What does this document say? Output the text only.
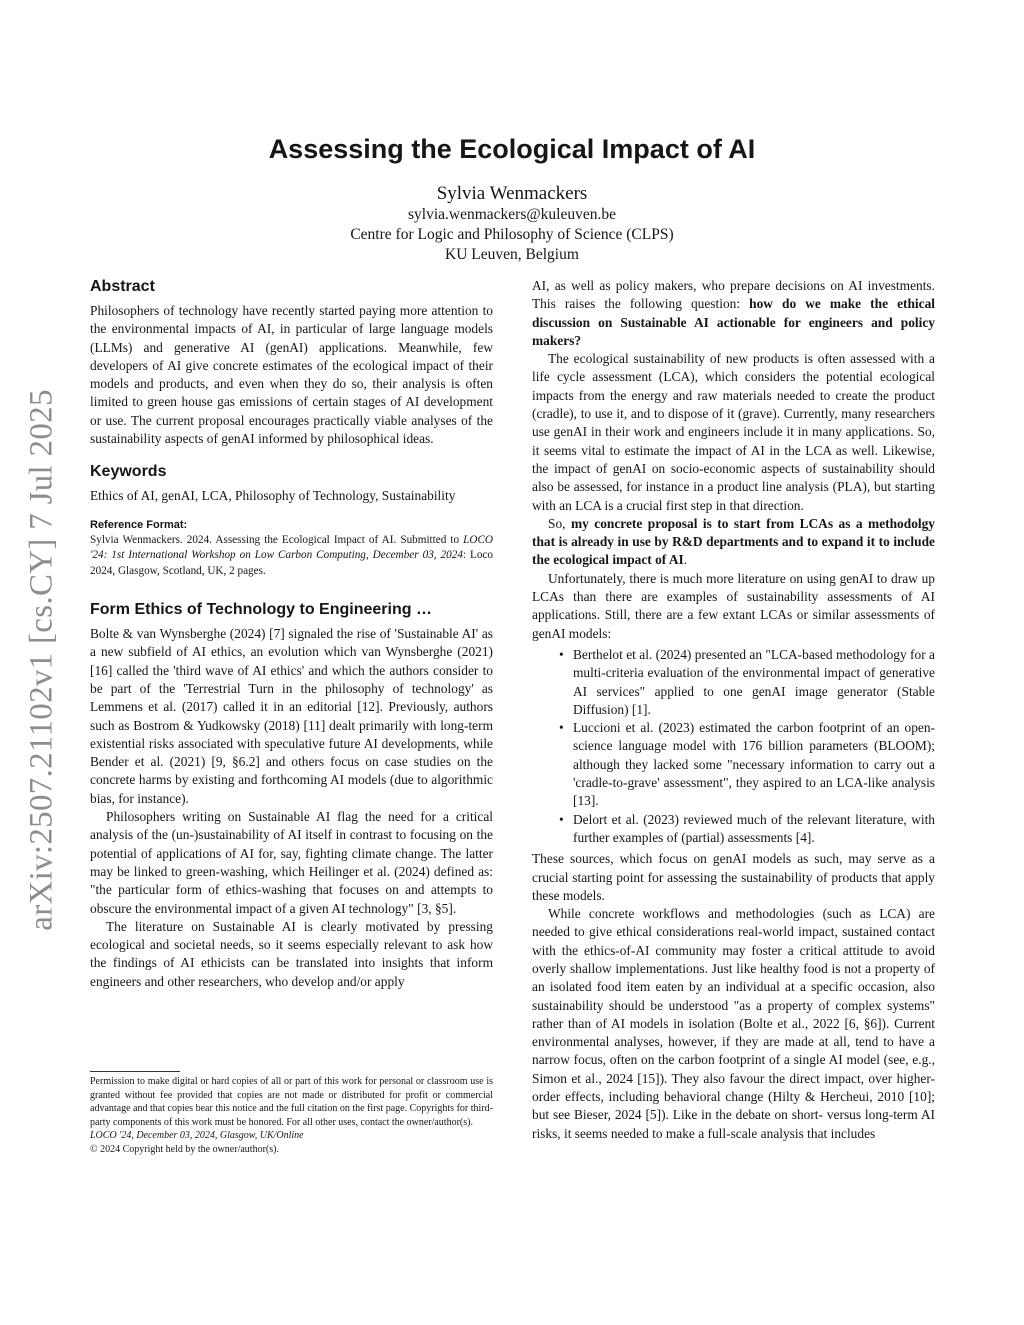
arXiv:2507.21102v1 [cs.CY] 7 Jul 2025
Assessing the Ecological Impact of AI
Sylvia Wenmackers
sylvia.wenmackers@kuleuven.be
Centre for Logic and Philosophy of Science (CLPS)
KU Leuven, Belgium
Abstract

Philosophers of technology have recently started paying more attention to the environmental impacts of AI, in particular of large language models (LLMs) and generative AI (genAI) applications. Meanwhile, few developers of AI give concrete estimates of the ecological impact of their models and products, and even when they do so, their analysis is often limited to green house gas emissions of certain stages of AI development or use. The current proposal encourages practically viable analyses of the sustainability aspects of genAI informed by philosophical ideas.

Keywords

Ethics of AI, genAI, LCA, Philosophy of Technology, Sustainability

Reference Format:

Sylvia Wenmackers. 2024. Assessing the Ecological Impact of AI. Submitted to LOCO '24: 1st International Workshop on Low Carbon Computing, December 03, 2024: Loco 2024, Glasgow, Scotland, UK, 2 pages.

Form Ethics of Technology to Engineering …

Bolte & van Wynsberghe (2024) [7] signaled the rise of 'Sustainable AI' as a new subfield of AI ethics, an evolution which van Wynsberghe (2021) [16] called the 'third wave of AI ethics' and which the authors consider to be part of the 'Terrestrial Turn in the philosophy of technology' as Lemmens et al. (2017) called it in an editorial [12]. Previously, authors such as Bostrom & Yudkowsky (2018) [11] dealt primarily with long-term existential risks associated with speculative future AI developments, while Bender et al. (2021) [9, §6.2] and others focus on case studies on the concrete harms by existing and forthcoming AI models (due to algorithmic bias, for instance).

Philosophers writing on Sustainable AI flag the need for a critical analysis of the (un-)sustainability of AI itself in contrast to focusing on the potential of applications of AI for, say, fighting climate change. The latter may be linked to green-washing, which Heilinger et al. (2024) defined as: "the particular form of ethics-washing that focuses on and attempts to obscure the environmental impact of a given AI technology" [3, §5].

The literature on Sustainable AI is clearly motivated by pressing ecological and societal needs, so it seems especially relevant to ask how the findings of AI ethicists can be translated into insights that inform engineers and other researchers, who develop and/or apply

Permission to make digital or hard copies of all or part of this work for personal or classroom use is granted without fee provided that copies are not made or distributed for profit or commercial advantage and that copies bear this notice and the full citation on the first page. Copyrights for third-party components of this work must be honored. For all other uses, contact the owner/author(s).

LOCO '24, December 03, 2024, Glasgow, UK/Online

© 2024 Copyright held by the owner/author(s).

AI, as well as policy makers, who prepare decisions on AI investments. This raises the following question: how do we make the ethical discussion on Sustainable AI actionable for engineers and policy makers?

The ecological sustainability of new products is often assessed with a life cycle assessment (LCA), which considers the potential ecological impacts from the energy and raw materials needed to create the product (cradle), to use it, and to dispose of it (grave). Currently, many researchers use genAI in their work and engineers include it in many applications. So, it seems vital to estimate the impact of AI in the LCA as well. Likewise, the impact of genAI on socio-economic aspects of sustainability should also be assessed, for instance in a product line analysis (PLA), but starting with an LCA is a crucial first step in that direction.

So, my concrete proposal is to start from LCAs as a methodolgy that is already in use by R&D departments and to expand it to include the ecological impact of AI.

Unfortunately, there is much more literature on using genAI to draw up LCAs than there are examples of sustainability assessments of AI applications. Still, there are a few extant LCAs or similar assessments of genAI models:

• Berthelot et al. (2024) presented an "LCA-based methodology for a multi-criteria evaluation of the environmental impact of generative AI services" applied to one genAI image generator (Stable Diffusion) [1].
• Luccioni et al. (2023) estimated the carbon footprint of an open-science language model with 176 billion parameters (BLOOM); although they lacked some "necessary information to carry out a 'cradle-to-grave' assessment", they aspired to an LCA-like analysis [13].
• Delort et al. (2023) reviewed much of the relevant literature, with further examples of (partial) assessments [4].

These sources, which focus on genAI models as such, may serve as a crucial starting point for assessing the sustainability of products that apply these models.

While concrete workflows and methodologies (such as LCA) are needed to give ethical considerations real-world impact, sustained contact with the ethics-of-AI community may foster a critical attitude to avoid overly shallow implementations. Just like healthy food is not a property of an isolated food item eaten by an individual at a specific occasion, also sustainability should be understood "as a property of complex systems" rather than of AI models in isolation (Bolte et al., 2022 [6, §6]). Current environmental analyses, however, if they are made at all, tend to have a narrow focus, often on the carbon footprint of a single AI model (see, e.g., Simon et al., 2024 [15]). They also favour the direct impact, over higher-order effects, including behavioral change (Hilty & Hercheui, 2010 [10]; but see Bieser, 2024 [5]). Like in the debate on short- versus long-term AI risks, it seems needed to make a full-scale analysis that includes
